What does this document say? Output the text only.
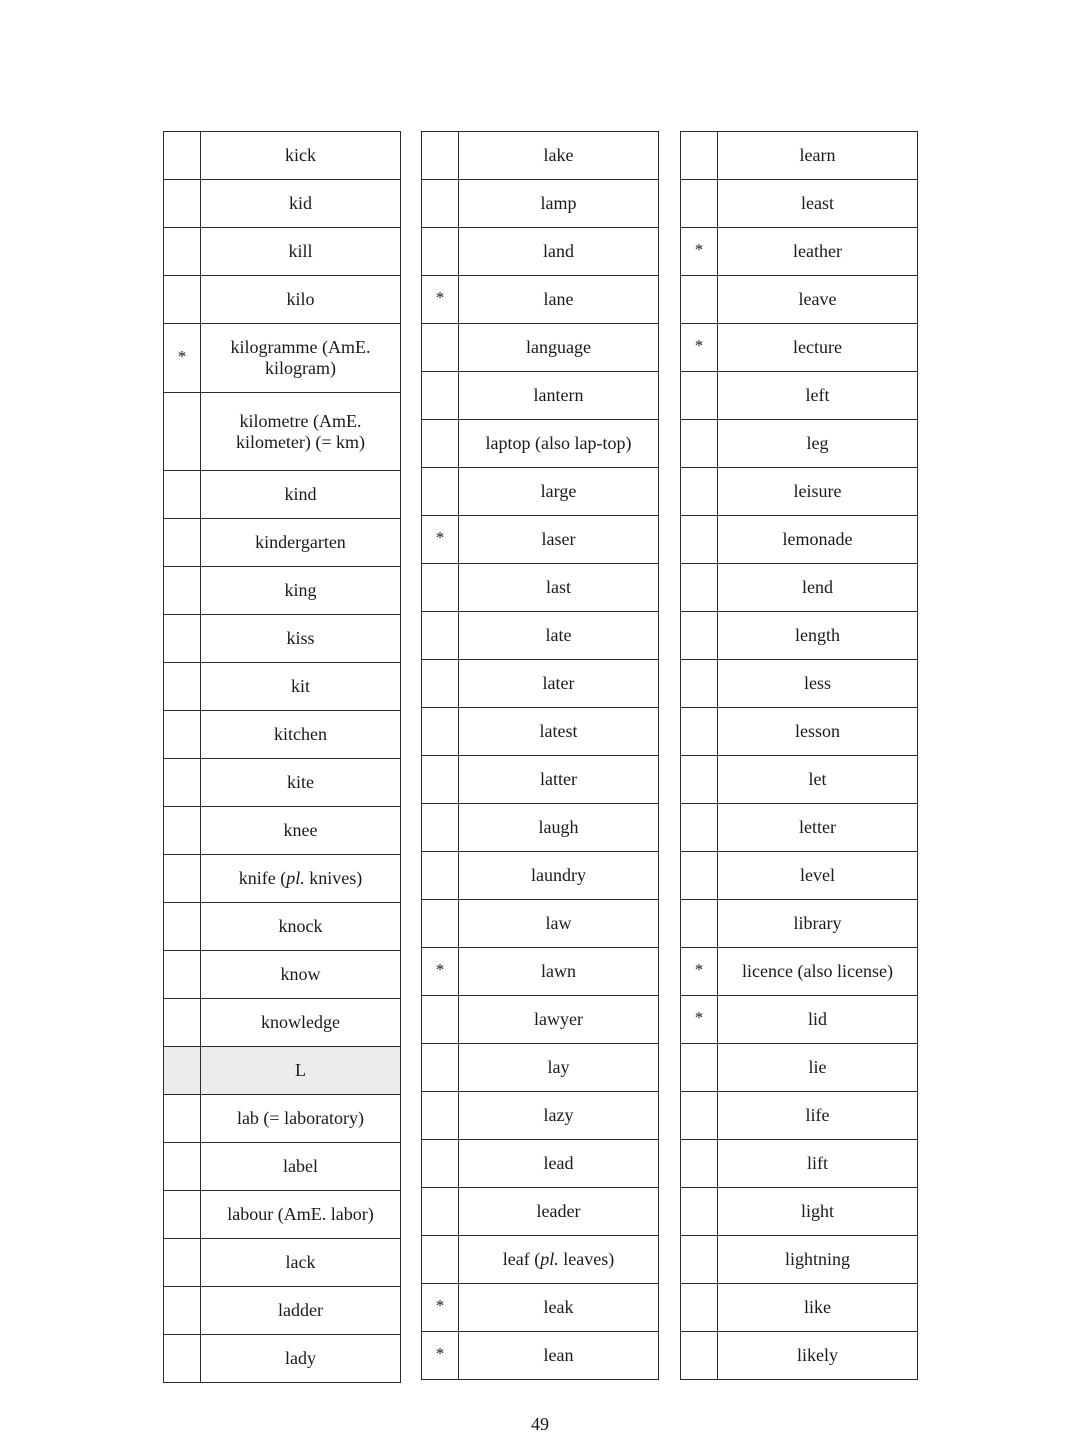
	kick
	kid
	kill
	kilo
*	kilogramme (AmE.
kilogram)
	kilometre (AmE.
kilometer) (= km)
	kind
	kindergarten
	king
	kiss
	kit
	kitchen
	kite
	knee
	knife (pl. knives)
	knock
	know
	knowledge
	L
	lab (= laboratory)
	label
	labour (AmE. labor)
	lack
	ladder
	lady
	lake
	lamp
	land
*	lane
	language
	lantern
	laptop (also lap-top)
	large
*	laser
	last
	late
	later
	latest
	latter
	laugh
	laundry
	law
*	lawn
	lawyer
	lay
	lazy
	lead
	leader
	leaf (pl. leaves)
*	leak
*	lean
	learn
	least
*	leather
	leave
*	lecture
	left
	leg
	leisure
	lemonade
	lend
	length
	less
	lesson
	let
	letter
	level
	library
*	licence (also license)
*	lid
	lie
	life
	lift
	light
	lightning
	like
	likely
49
